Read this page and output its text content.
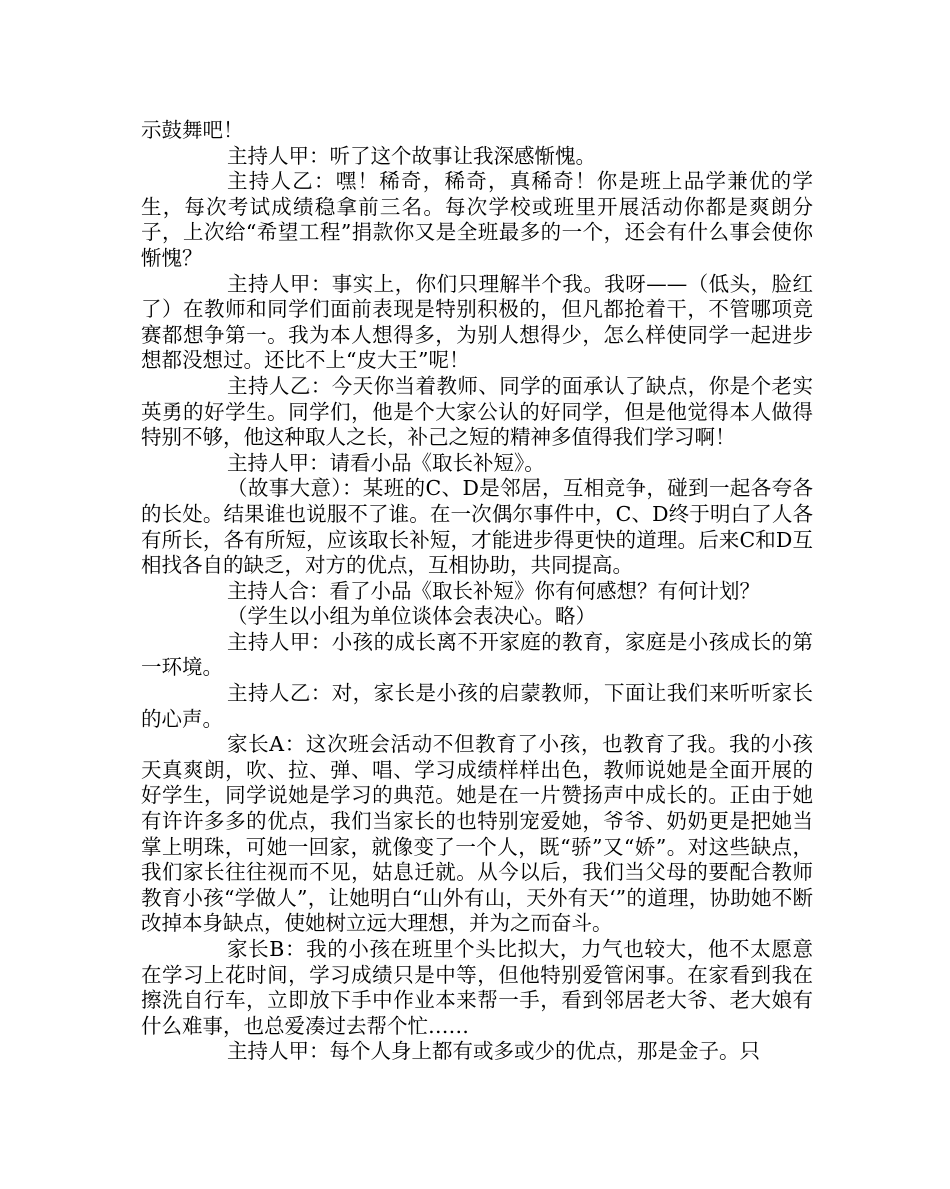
示鼓舞吧！

主持人甲：听了这个故事让我深感惭愧。

主持人乙：嘿！稀奇，稀奇，真稀奇！你是班上品学兼优的学生，每次考试成绩稳拿前三名。每次学校或班里开展活动你都是爽朗分子，上次给“希望工程”捐款你又是全班最多的一个，还会有什么事会使你惭愧？

主持人甲：事实上，你们只理解半个我。我呀——（低头，脸红了）在教师和同学们面前表现是特别积极的，但凡都抢着干，不管哪项竞赛都想争第一。我为本人想得多，为别人想得少，怎么样使同学一起进步想都没想过。还比不上“皮大王”呢！

主持人乙：今天你当着教师、同学的面承认了缺点，你是个老实英勇的好学生。同学们，他是个大家公认的好同学，但是他觉得本人做得特别不够，他这种取人之长，补己之短的精神多值得我们学习啊！

主持人甲：请看小品《取长补短》。

（故事大意）：某班的C、D是邻居，互相竞争，碰到一起各夸各的长处。结果谁也说服不了谁。在一次偶尔事件中，C、D终于明白了人各有所长，各有所短，应该取长补短，才能进步得更快的道理。后来C和D互相找各自的缺乏，对方的优点，互相协助，共同提高。

主持人合：看了小品《取长补短》你有何感想？有何计划？

（学生以小组为单位谈体会表决心。略）

主持人甲：小孩的成长离不开家庭的教育，家庭是小孩成长的第一环境。

主持人乙：对，家长是小孩的启蒙教师，下面让我们来听听家长的心声。

家长A：这次班会活动不但教育了小孩，也教育了我。我的小孩天真爽朗，吹、拉、弹、唱、学习成绩样样出色，教师说她是全面开展的好学生，同学说她是学习的典范。她是在一片赞扬声中成长的。正由于她有许许多多的优点，我们当家长的也特别宠爱她，爷爷、奶奶更是把她当掌上明珠，可她一回家，就像变了一个人，既“骄”又“娇”。对这些缺点，我们家长往往视而不见，姑息迁就。从今以后，我们当父母的要配合教师教育小孩“学做人”，让她明白“山外有山，天外有天‘”的道理，协助她不断改掉本身缺点，使她树立远大理想，并为之而奋斗。

家长B：我的小孩在班里个头比拟大，力气也较大，他不太愿意在学习上花时间，学习成绩只是中等，但他特别爱管闲事。在家看到我在擦洗自行车，立即放下手中作业本来帮一手，看到邻居老大爷、老大娘有什么难事，也总爱凑过去帮个忙……

主持人甲：每个人身上都有或多或少的优点，那是金子。只
